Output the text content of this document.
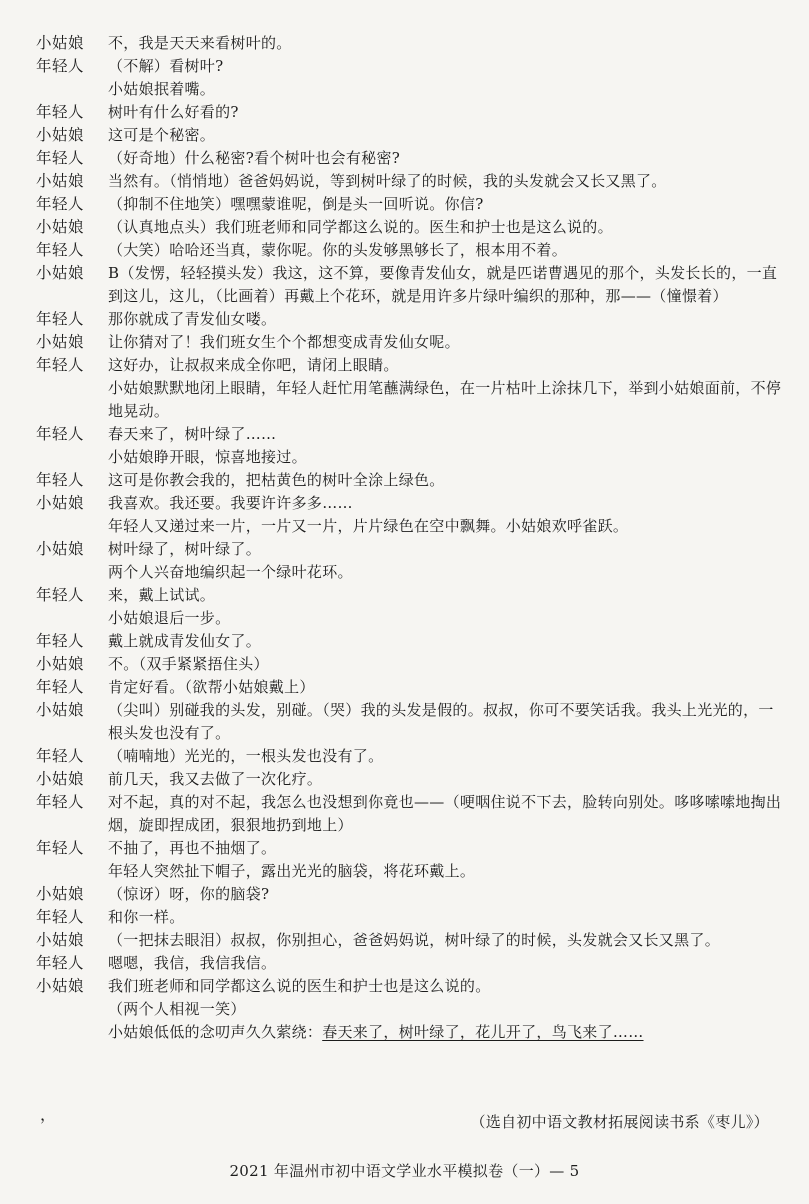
小姑娘	不，我是天天来看树叶的。
年轻人	（不解）看树叶?
小姑娘抿着嘴。
年轻人	树叶有什么好看的?
小姑娘	这可是个秘密。
年轻人	（好奇地）什么秘密?看个树叶也会有秘密?
小姑娘	当然有。（悄悄地）爸爸妈妈说，等到树叶绿了的时候，我的头发就会又长又黑了。
年轻人	（抑制不住地笑）嘿嘿蒙谁呢，倒是头一回听说。你信?
小姑娘	（认真地点头）我们班老师和同学都这么说的。医生和护士也是这么说的。
年轻人	（大笑）哈哈还当真，蒙你呢。你的头发够黑够长了，根本用不着。
小姑娘	B（发愣，轻轻摸头发）我这，这不算，要像青发仙女，就是匹诺曹遇见的那个，头发长长的，一直到这儿，这儿，（比画着）再戴上个花环，就是用许多片绿叶编织的那种，那——（憧憬着）
年轻人	那你就成了青发仙女喽。
小姑娘	让你猜对了！我们班女生个个都想变成青发仙女呢。
年轻人	这好办，让叔叔来成全你吧，请闭上眼睛。
小姑娘默默地闭上眼睛，年轻人赶忙用笔蘸满绿色，在一片枯叶上涂抹几下，举到小姑娘面前，不停地晃动。
年轻人	春天来了，树叶绿了……
小姑娘睁开眼，惊喜地接过。
年轻人	这可是你教会我的，把枯黄色的树叶全涂上绿色。
小姑娘	我喜欢。我还要。我要许许多多……
年轻人又递过来一片，一片又一片，片片绿色在空中飘舞。小姑娘欢呼雀跃。
小姑娘	树叶绿了，树叶绿了。
两个人兴奋地编织起一个绿叶花环。
年轻人	来，戴上试试。
小姑娘退后一步。
年轻人	戴上就成青发仙女了。
小姑娘	不。（双手紧紧捂住头）
年轻人	肯定好看。（欲帮小姑娘戴上）
小姑娘	（尖叫）别碰我的头发，别碰。（哭）我的头发是假的。叔叔，你可不要笑话我。我头上光光的，一根头发也没有了。
年轻人	（喃喃地）光光的，一根头发也没有了。
小姑娘	前几天，我又去做了一次化疗。
年轻人	对不起，真的对不起，我怎么也没想到你竟也——（哽咽住说不下去，脸转向别处。哆哆嗦嗦地掏出烟，旋即捏成团，狠狠地扔到地上）
年轻人	不抽了，再也不抽烟了。
年轻人突然扯下帽子，露出光光的脑袋，将花环戴上。
小姑娘	（惊讶）呀，你的脑袋?
年轻人	和你一样。
小姑娘	（一把抹去眼泪）叔叔，你别担心，爸爸妈妈说，树叶绿了的时候，头发就会又长又黑了。
年轻人	嗯嗯，我信，我信我信。
小姑娘	我们班老师和同学都这么说的医生和护士也是这么说的。
（两个人相视一笑）
小姑娘低低的念叨声久久萦绕：春天来了，树叶绿了，花儿开了，鸟飞来了……
，	（选自初中语文教材拓展阅读书系《枣儿》）
2021 年温州市初中语文学业水平模拟卷（一）— 5
